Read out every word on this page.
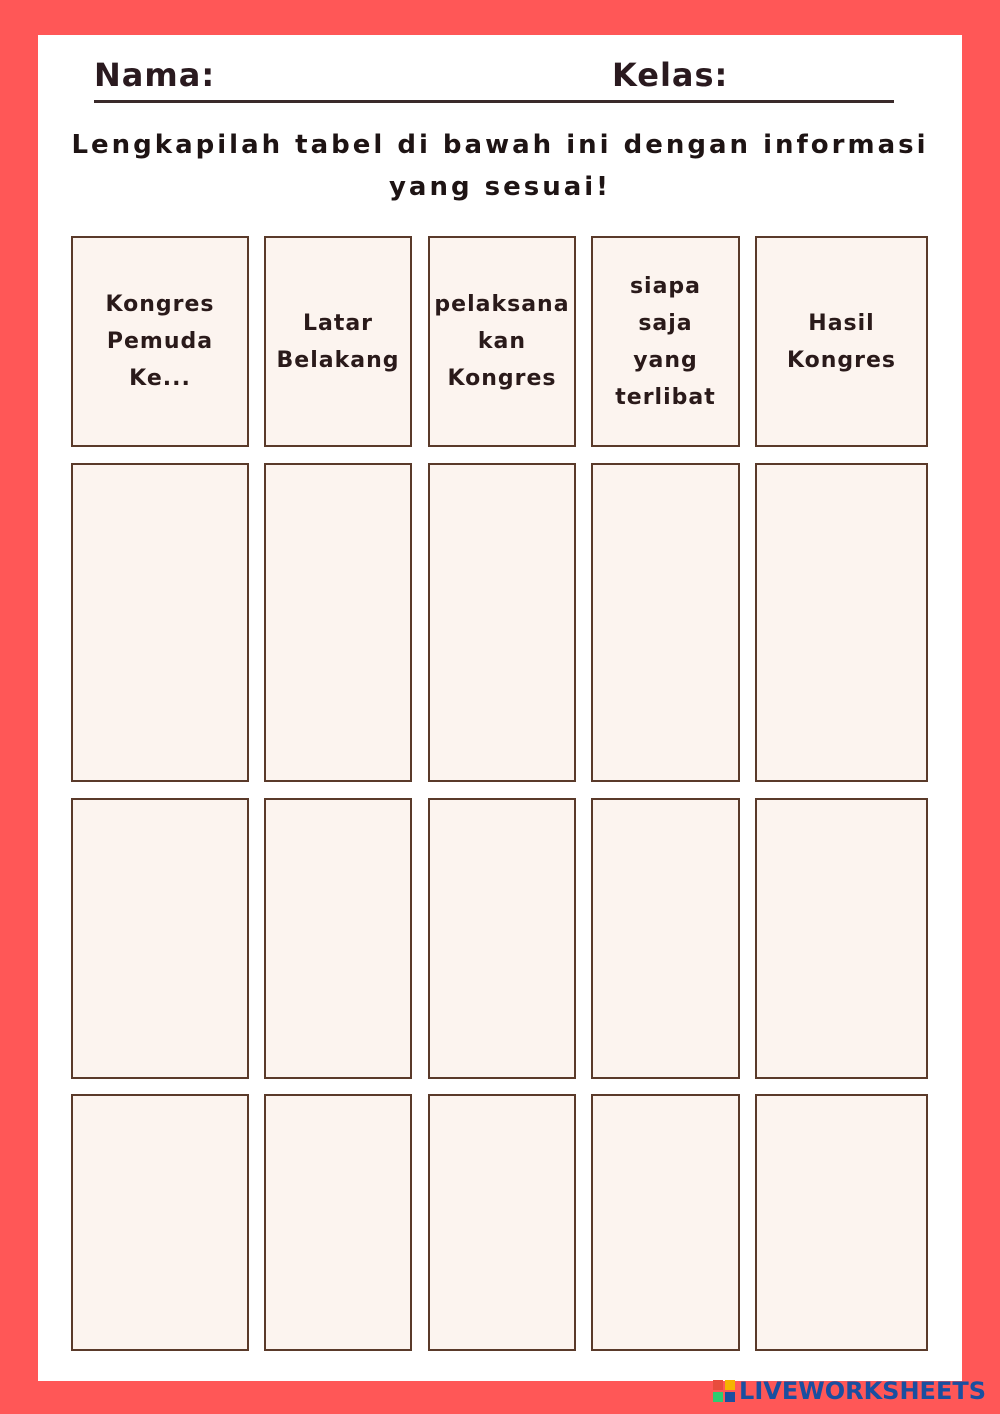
Nama:	Kelas:
Lengkapilah tabel di bawah ini dengan informasi
yang sesuai!
Kongres
Pemuda Ke...
Latar
Belakang
pelaksana
kan
Kongres
siapa
saja
yang
terlibat
Hasil
Kongres
LIVEWORKSHEETS
